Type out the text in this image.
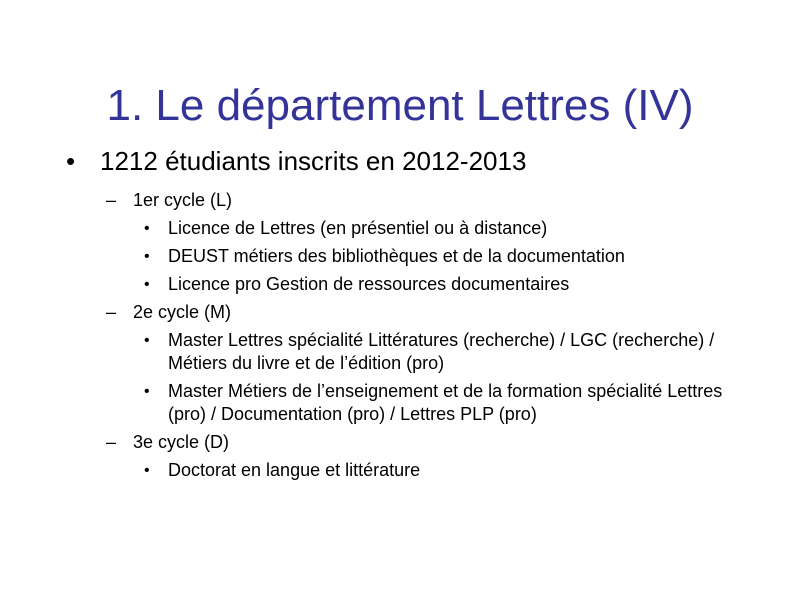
1. Le département Lettres (IV)
• 1212 étudiants inscrits en 2012-2013
– 1er cycle (L)
• Licence de Lettres (en présentiel ou à distance)
• DEUST métiers des bibliothèques et de la documentation
• Licence pro Gestion de ressources documentaires
– 2e cycle (M)
• Master Lettres spécialité Littératures (recherche) / LGC (recherche) / Métiers du livre et de l’édition (pro)
• Master Métiers de l’enseignement et de la formation spécialité Lettres (pro) / Documentation (pro) / Lettres PLP (pro)
– 3e cycle (D)
• Doctorat en langue et littérature
